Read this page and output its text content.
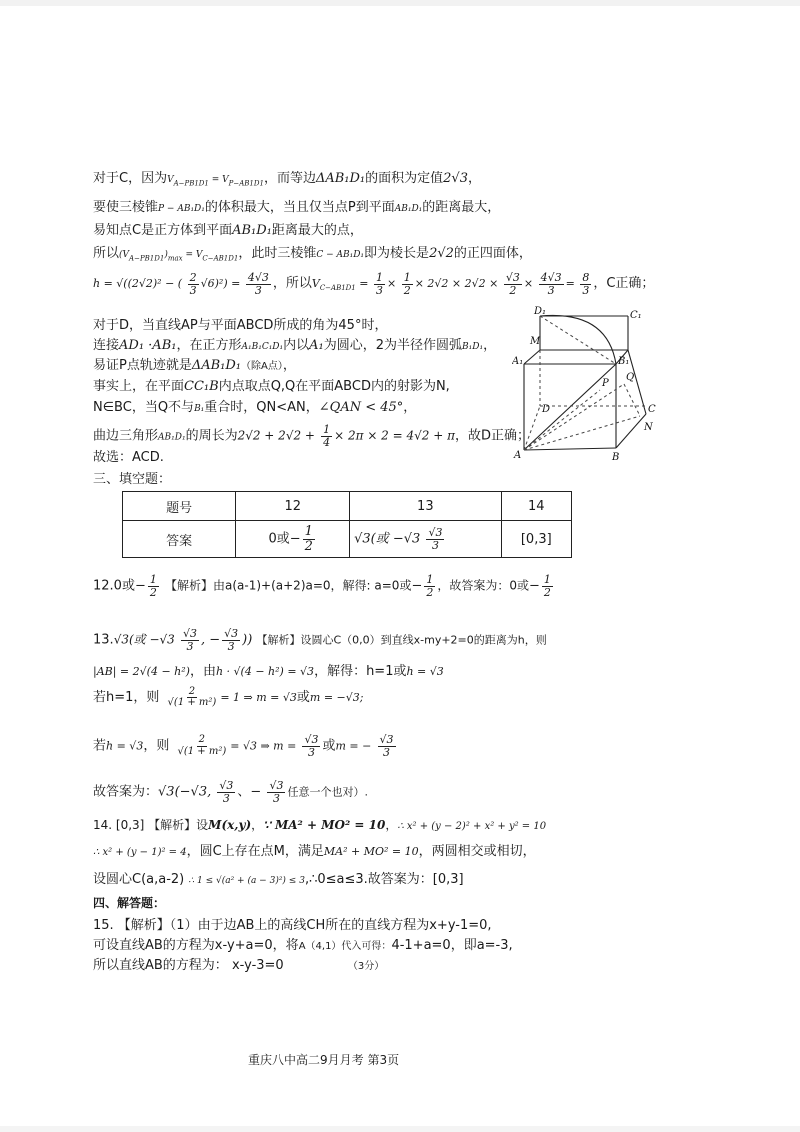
对于C，因为$V_{A-PB1D1} = V_{P-AB1D1}$，而等边ΔAB₁D₁的面积为定值2√3，
要使三棱锥P − AB₁D₁的体积最大，当且仅当点P到平面AB₁D₁的距离最大，
易知点C是正方体到平面AB₁D₁距离最大的点，
所以$(V_{A-PB1D1})_{max} = V_{C-AB1D1}$，此时三棱锥C − AB₁D₁即为棱长是2√2的正四面体，
h = √((2√2)² − ( $\frac{2}{3} √6)^2) = \frac{4√3}{3}$ ，所以$V_{C-AB1D1} = \frac{1}{3} \times \frac{1}{2} \times 2√2 \times 2√2 \times \frac{√3}{2} \times \frac{4√3}{3} = \frac{8}{3}$ ，C正确；
对于D，当直线AP与平面ABCD所成的角为45°时，
连接AD₁ ·AB₁，在正方形A₁B₁C₁D₁内以A₁为圆心，2为半径作圆弧B₁D₁，
易证P点轨迹就是ΔAB₁D₁（除A点），
事实上，在平面CC₁B内点取点Q,Q在平面ABCD内的射影为N,
N∈BC，当Q不与B₁重合时，QN<AN，∠QAN < 45°，
曲边三角形AB₁D₁的周长为$2√2 + 2√2 + \frac{1}{4} \times 2\pi \times 2 = 4√2 + \pi$，故D正确；
故选：ACD.
三、填空题：
题号	12	13	14
答案	0或− $\frac{1}{2}$	√3(或 $-√3 \frac{√3}{3}$	[0,3]
12.0或− $\frac{1}{2}$ 【解析】由a(a-1)+(a+2)a=0，解得: a=0或− $\frac{1}{2}$ ，故答案为：0或− $\frac{1}{2}$
13.√3(或 $-√3 \frac{√3}{3}$ , − $\frac{√3}{3}$ )) 【解析】设圆心C（0,0）到直线x-my+2=0的距离为h，则
|AB| = 2√(4 − h²)，由h · √(4 − h²) = √3，解得：h=1或h = √3
若h=1，则 $\frac{2}{\text{√(1 + m²)}} = 1$ ⇒ m = √3或m = −√3;
若h = √3，则 $\frac{2}{\text{√(1 + m²)}} = √3$ ⇒ $m = \frac{√3}{3}$ 或m = − $\frac{√3}{3}$
故答案为：√3(−√3, $\frac{√3}{3}$ 、− $\frac{√3}{3}$ 任意一个也对）.
14. [0,3] 【解析】设M(x,y)，∵ MA² + MO² = 10，∴ x² + (y − 2)² + x² + y² = 10
∴ x² + (y − 1)² = 4，圆C上存在点M，满足MA² + MO² = 10，两圆相交或相切，
设圆心C(a,a-2) ∴ 1 ≤ √(a² + (a − 3)²) ≤ 3,∴0≤a≤3.故答案为：[0,3]
四、解答题：
15. 【解析】（1）由于边AB上的高线CH所在的直线方程为x+y-1=0,
可设直线AB的方程为x-y+a=0，将A（4,1）代入可得：4-1+a=0，即a=-3,
所以直线AB的方程为： x-y-3=0	（3分）
D₁	C₁
A₁	B₁
M
D
P
Q
N
C
A	B
重庆八中高二9月月考 第3页
